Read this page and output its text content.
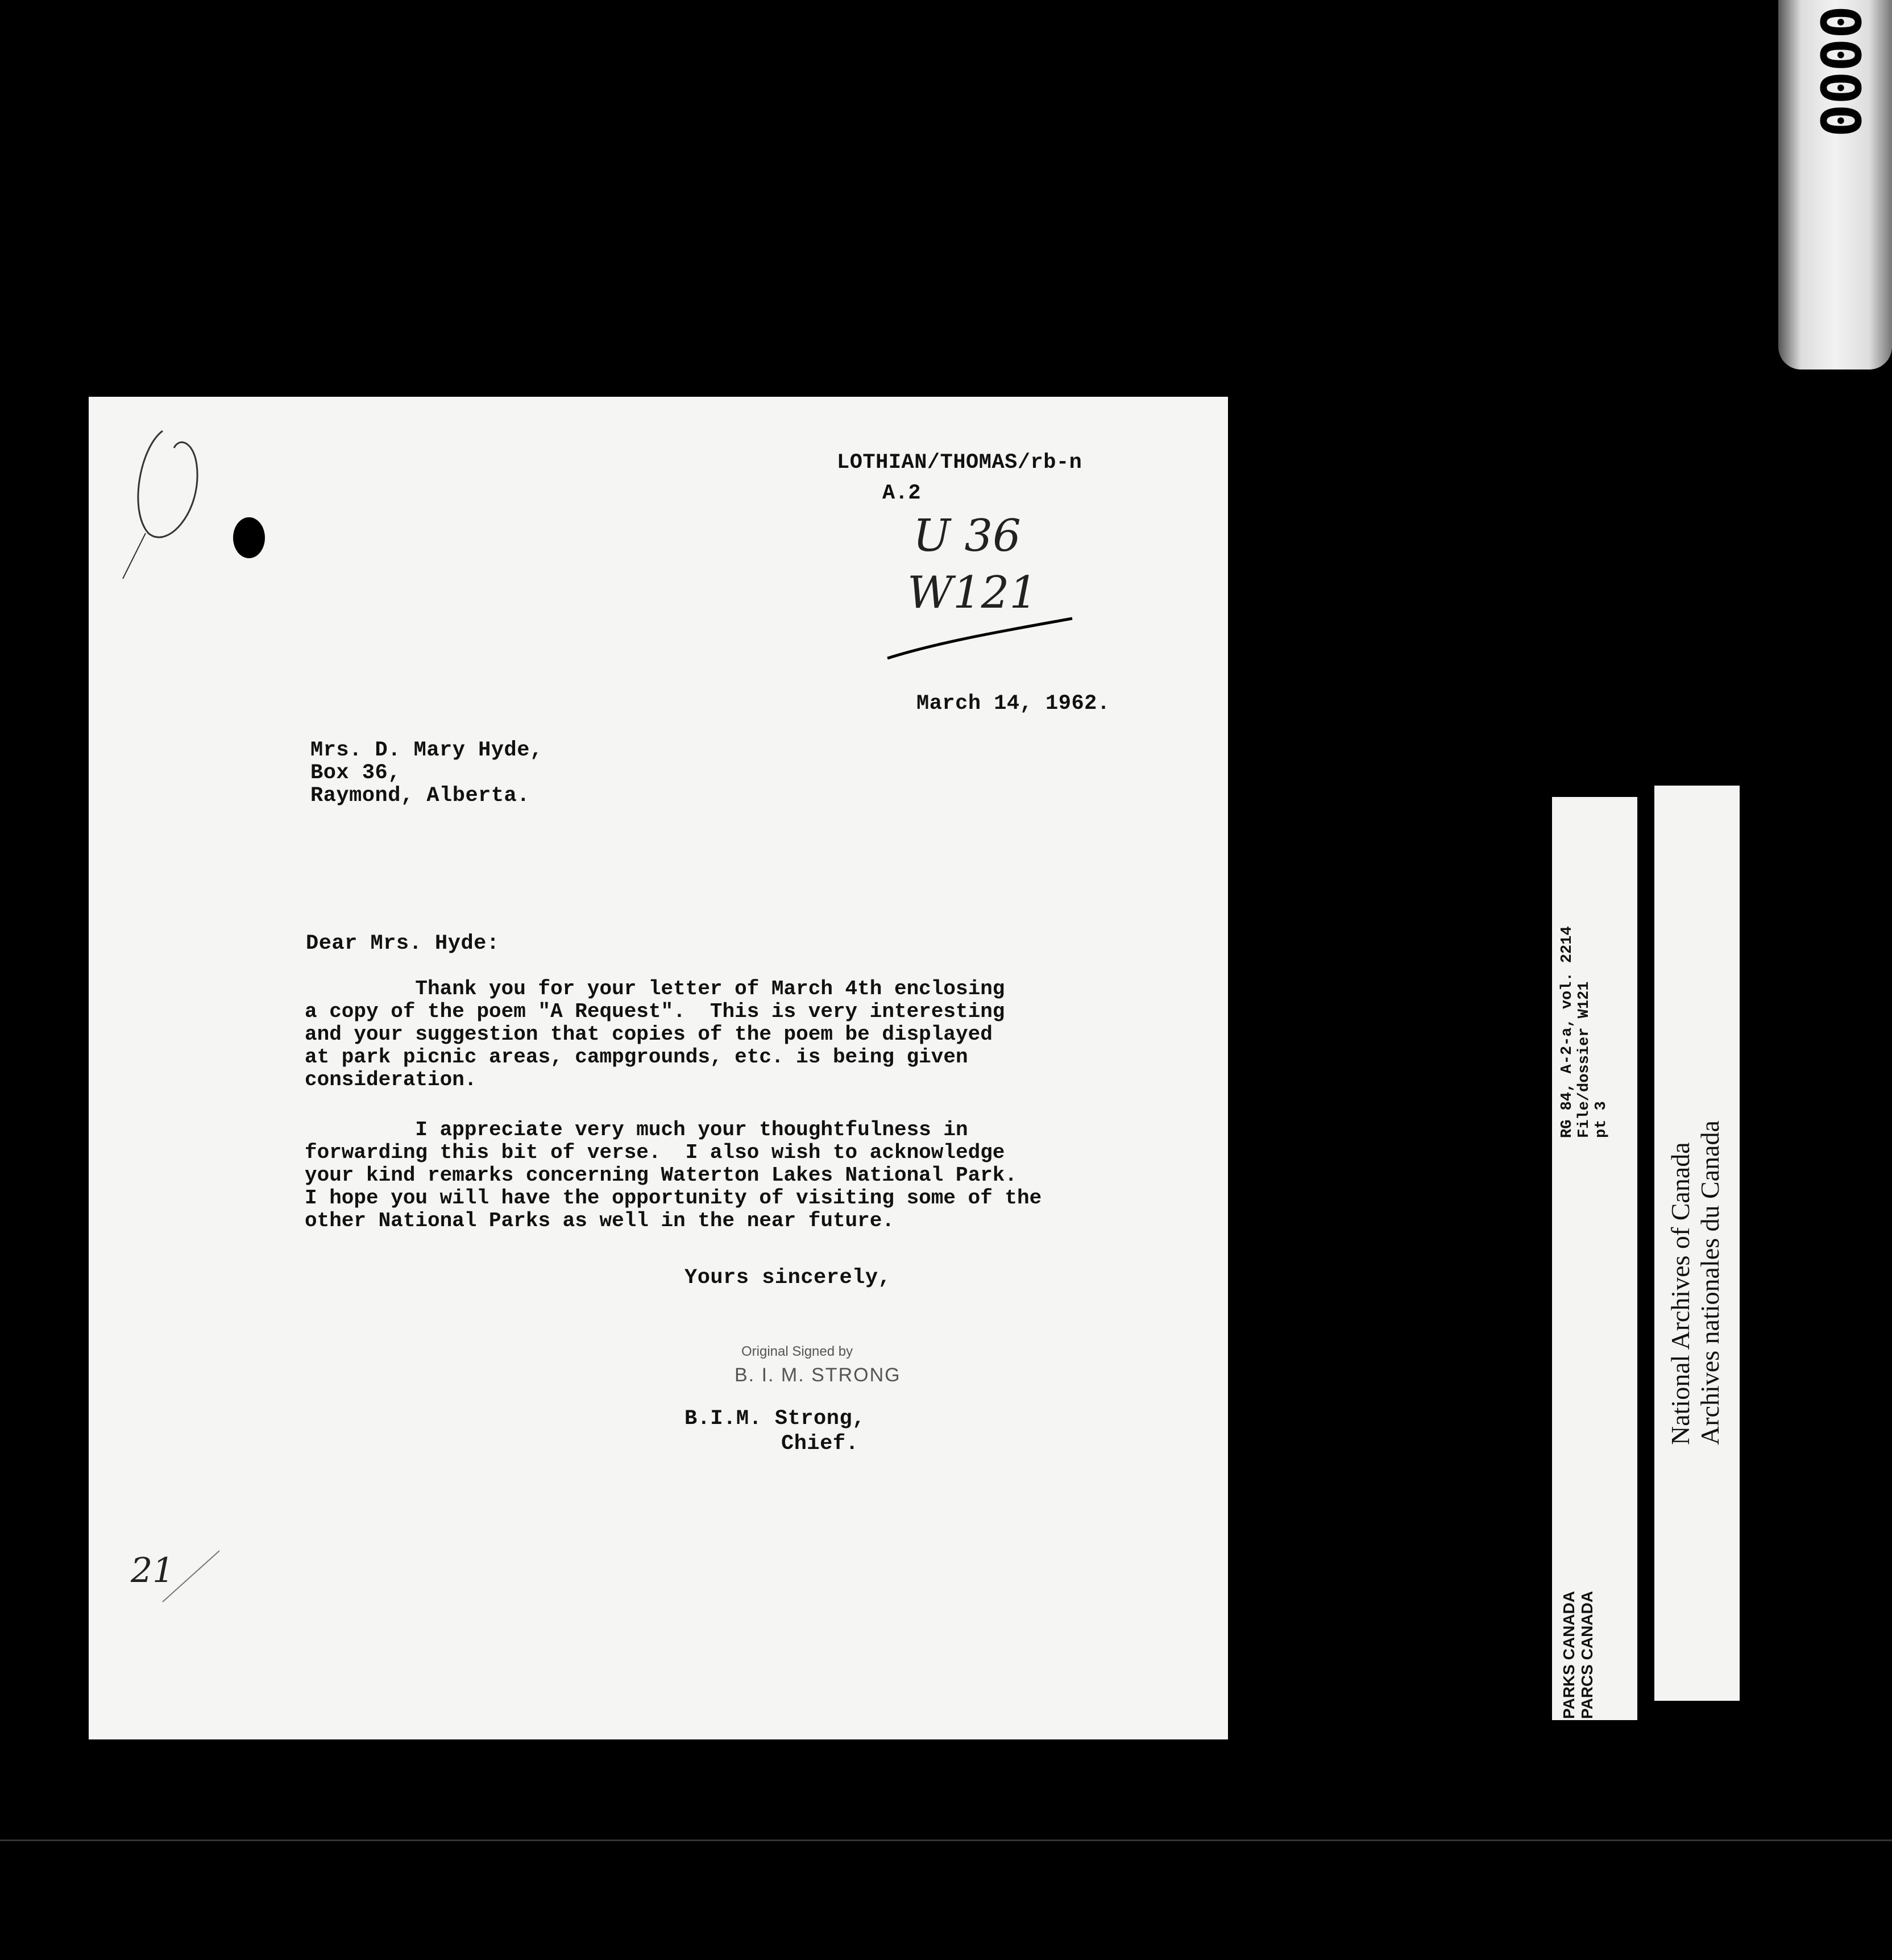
0000
LOTHIAN/THOMAS/rb-n
A.2
U 36
W121
March 14, 1962.
Mrs. D. Mary Hyde,
Box 36,
Raymond, Alberta.
Dear Mrs. Hyde:

Thank you for your letter of March 4th enclosing

a copy of the poem "A Request".  This is very interesting

and your suggestion that copies of the poem be displayed

at park picnic areas, campgrounds, etc. is being given

consideration.

I appreciate very much your thoughtfulness in

forwarding this bit of verse.  I also wish to acknowledge

your kind remarks concerning Waterton Lakes National Park.

I hope you will have the opportunity of visiting some of the

other National Parks as well in the near future.

Yours sincerely,
Original Signed by
B. I. M. STRONG
B.I.M. Strong,
Chief.
21
RG 84, A-2-a, vol. 2214 File/dossier W121 pt 3
PARKS CANADA PARCS CANADA
National Archives of Canada Archives nationales du Canada
